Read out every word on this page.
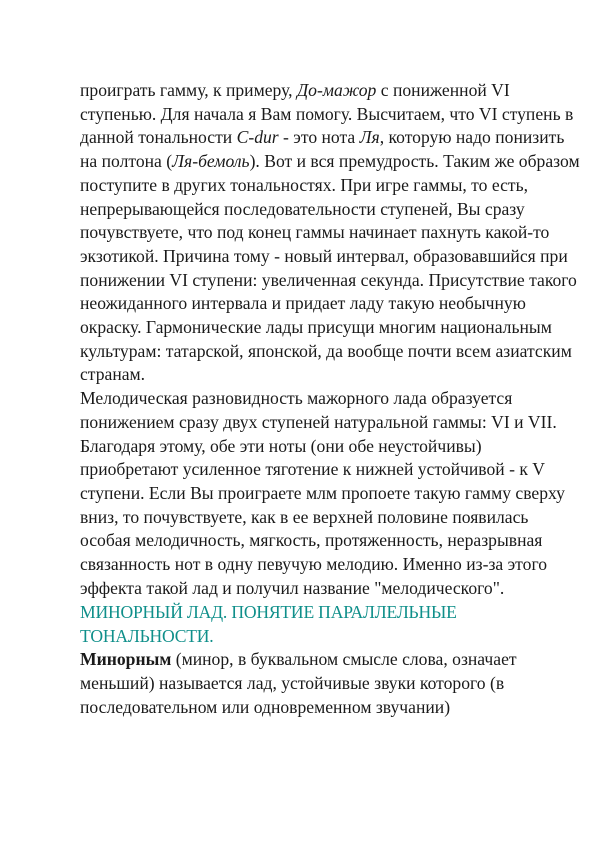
проиграть гамму, к примеру, До-мажор с пониженной VI ступенью. Для начала я Вам помогу. Высчитаем, что VI ступень в данной тональности C-dur - это нота Ля, которую надо понизить на полтона (Ля-бемоль). Вот и вся премудрость. Таким же образом поступите в других тональностях. При игре гаммы, то есть, непрерывающейся последовательности ступеней, Вы сразу почувствуете, что под конец гаммы начинает пахнуть какой-то экзотикой. Причина тому - новый интервал, образовавшийся при понижении VI ступени: увеличенная секунда. Присутствие такого неожиданного интервала и придает ладу такую необычную окраску. Гармонические лады присущи многим национальным культурам: татарской, японской, да вообще почти всем азиатским странам.

Мелодическая разновидность мажорного лада образуется понижением сразу двух ступеней натуральной гаммы: VI и VII. Благодаря этому, обе эти ноты (они обе неустойчивы) приобретают усиленное тяготение к нижней устойчивой - к V ступени. Если Вы проиграете млм пропоете такую гамму сверху вниз, то почувствуете, как в ее верхней половине появилась особая мелодичность, мягкость, протяженность, неразрывная связанность нот в одну певучую мелодию. Именно из-за этого эффекта такой лад и получил название "мелодического".

МИНОРНЫЙ ЛАД. ПОНЯТИЕ ПАРАЛЛЕЛЬНЫЕ ТОНАЛЬНОСТИ.

Минорным (минор, в буквальном смысле слова, означает меньший) называется лад, устойчивые звуки которого (в последовательном или одновременном звучании)
